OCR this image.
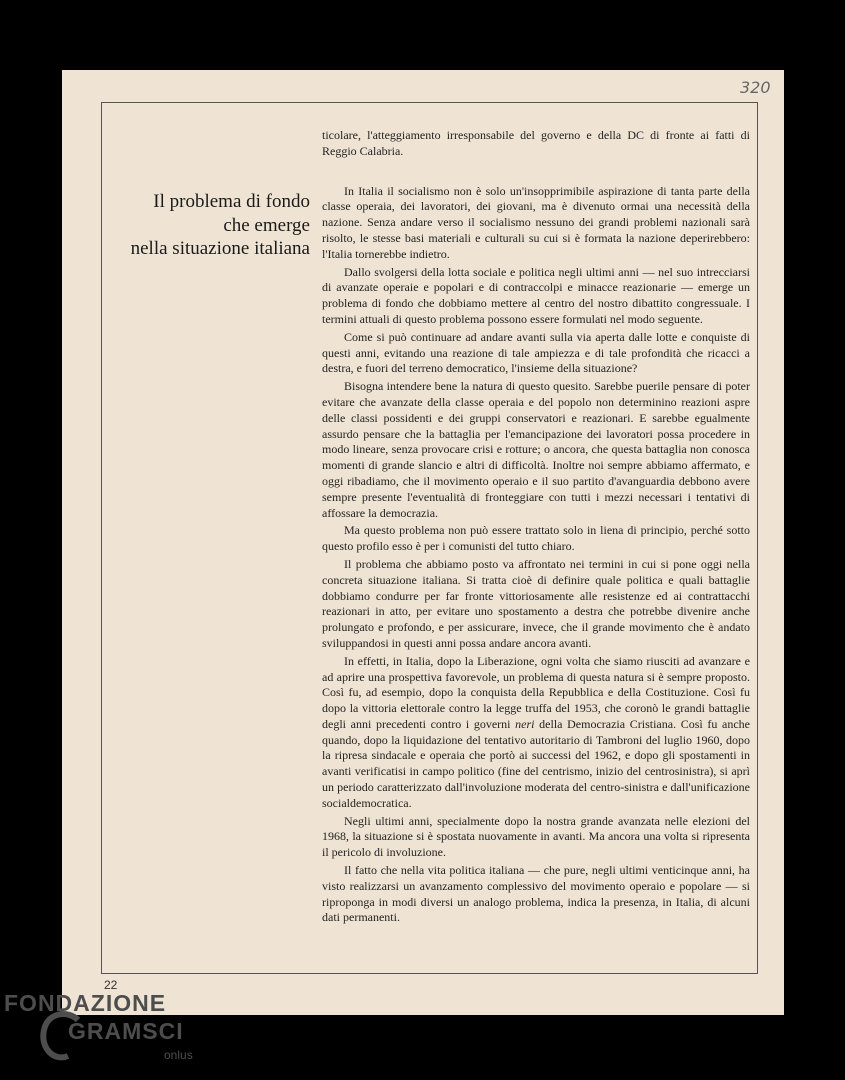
320
Il problema di fondo
che emerge
nella situazione italiana

ticolare, l'atteggiamento irresponsabile del governo e della DC di fronte ai fatti di Reggio Calabria.

In Italia il socialismo non è solo un'insopprimibile aspirazione di tanta parte della classe operaia, dei lavoratori, dei giovani, ma è divenuto ormai una necessità della nazione. Senza andare verso il socialismo nessuno dei grandi problemi nazionali sarà risolto, le stesse basi materiali e culturali su cui si è formata la nazione deperirebbero: l'Italia tornerebbe indietro.

Dallo svolgersi della lotta sociale e politica negli ultimi anni — nel suo intrecciarsi di avanzate operaie e popolari e di contraccolpi e minacce reazionarie — emerge un problema di fondo che dobbiamo mettere al centro del nostro dibattito congressuale. I termini attuali di questo problema possono essere formulati nel modo seguente.

Come si può continuare ad andare avanti sulla via aperta dalle lotte e conquiste di questi anni, evitando una reazione di tale ampiezza e di tale profondità che ricacci a destra, e fuori del terreno democratico, l'insieme della situazione?

Bisogna intendere bene la natura di questo quesito. Sarebbe puerile pensare di poter evitare che avanzate della classe operaia e del popolo non determinino reazioni aspre delle classi possidenti e dei gruppi conservatori e reazionari. E sarebbe egualmente assurdo pensare che la battaglia per l'emancipazione dei lavoratori possa procedere in modo lineare, senza provocare crisi e rotture; o ancora, che questa battaglia non conosca momenti di grande slancio e altri di difficoltà. Inoltre noi sempre abbiamo affermato, e oggi ribadiamo, che il movimento operaio e il suo partito d'avanguardia debbono avere sempre presente l'eventualità di fronteggiare con tutti i mezzi necessari i tentativi di affossare la democrazia.

Ma questo problema non può essere trattato solo in liena di principio, perché sotto questo profilo esso è per i comunisti del tutto chiaro.

Il problema che abbiamo posto va affrontato nei termini in cui si pone oggi nella concreta situazione italiana. Si tratta cioè di definire quale politica e quali battaglie dobbiamo condurre per far fronte vittoriosamente alle resistenze ed ai contrattacchi reazionari in atto, per evitare uno spostamento a destra che potrebbe divenire anche prolungato e profondo, e per assicurare, invece, che il grande movimento che è andato sviluppandosi in questi anni possa andare ancora avanti.

In effetti, in Italia, dopo la Liberazione, ogni volta che siamo riusciti ad avanzare e ad aprire una prospettiva favorevole, un problema di questa natura si è sempre proposto. Così fu, ad esempio, dopo la conquista della Repubblica e della Costituzione. Così fu dopo la vittoria elettorale contro la legge truffa del 1953, che coronò le grandi battaglie degli anni precedenti contro i governi neri della Democrazia Cristiana. Così fu anche quando, dopo la liquidazione del tentativo autoritario di Tambroni del luglio 1960, dopo la ripresa sindacale e operaia che portò ai successi del 1962, e dopo gli spostamenti in avanti verificatisi in campo politico (fine del centrismo, inizio del centrosinistra), si aprì un periodo caratterizzato dall'involuzione moderata del centro-sinistra e dall'unificazione socialdemocratica.

Negli ultimi anni, specialmente dopo la nostra grande avanzata nelle elezioni del 1968, la situazione si è spostata nuovamente in avanti. Ma ancora una volta si ripresenta il pericolo di involuzione.

Il fatto che nella vita politica italiana — che pure, negli ultimi venticinque anni, ha visto realizzarsi un avanzamento complessivo del movimento operaio e popolare — si riproponga in modi diversi un analogo problema, indica la presenza, in Italia, di alcuni dati permanenti.

22
FONDAZIONE
GRAMSCI
onlus
